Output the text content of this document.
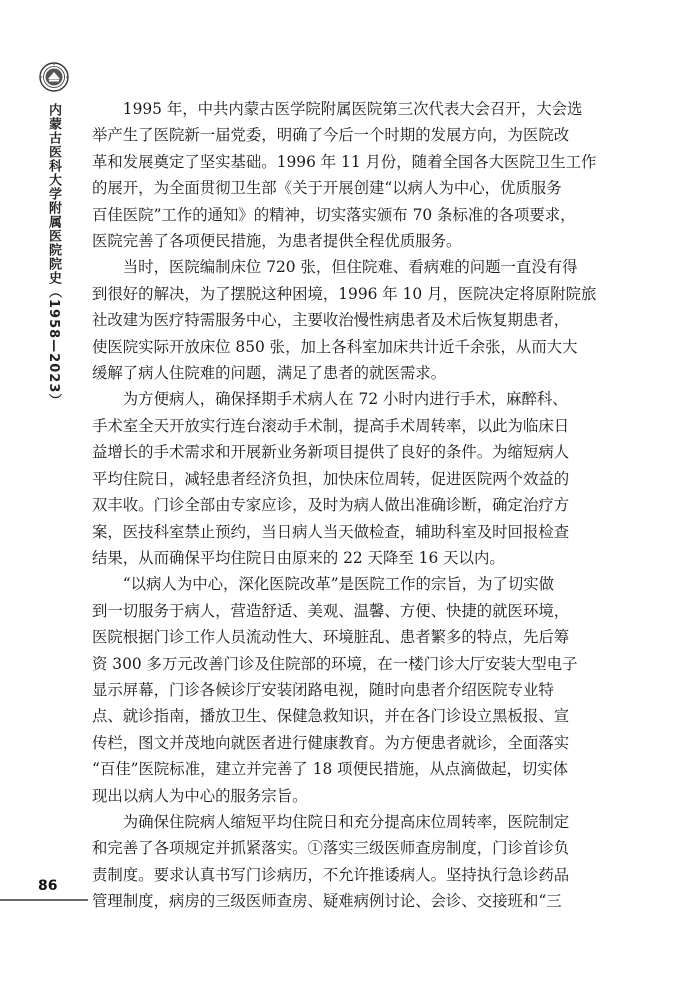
内蒙古医科大学附属医院院史（1958—2023） 　　1995 年，中共内蒙古医学院附属医院第三次代表大会召开，大会选
举产生了医院新一届党委，明确了今后一个时期的发展方向，为医院改
革和发展奠定了坚实基础。1996 年 11 月份，随着全国各大医院卫生工作
的展开，为全面贯彻卫生部《关于开展创建“以病人为中心，优质服务
百佳医院”工作的通知》的精神，切实落实颁布 70 条标准的各项要求，
医院完善了各项便民措施，为患者提供全程优质服务。
　　当时，医院编制床位 720 张，但住院难、看病难的问题一直没有得
到很好的解决，为了摆脱这种困境，1996 年 10 月，医院决定将原附院旅
社改建为医疗特需服务中心，主要收治慢性病患者及术后恢复期患者，
使医院实际开放床位 850 张，加上各科室加床共计近千余张，从而大大
缓解了病人住院难的问题，满足了患者的就医需求。
　　为方便病人，确保择期手术病人在 72 小时内进行手术，麻醉科、
手术室全天开放实行连台滚动手术制，提高手术周转率，以此为临床日
益增长的手术需求和开展新业务新项目提供了良好的条件。为缩短病人
平均住院日，减轻患者经济负担，加快床位周转，促进医院两个效益的
双丰收。门诊全部由专家应诊，及时为病人做出准确诊断，确定治疗方
案，医技科室禁止预约，当日病人当天做检查，辅助科室及时回报检查
结果，从而确保平均住院日由原来的 22 天降至 16 天以内。
　　“以病人为中心，深化医院改革”是医院工作的宗旨，为了切实做
到一切服务于病人，营造舒适、美观、温馨、方便、快捷的就医环境，
医院根据门诊工作人员流动性大、环境脏乱、患者繁多的特点，先后筹
资 300 多万元改善门诊及住院部的环境，在一楼门诊大厅安装大型电子
显示屏幕，门诊各候诊厅安装闭路电视，随时向患者介绍医院专业特
点、就诊指南，播放卫生、保健急救知识，并在各门诊设立黑板报、宣
传栏，图文并茂地向就医者进行健康教育。为方便患者就诊，全面落实
“百佳”医院标准，建立并完善了 18 项便民措施，从点滴做起，切实体
现出以病人为中心的服务宗旨。
　　为确保住院病人缩短平均住院日和充分提高床位周转率，医院制定
和完善了各项规定并抓紧落实。①落实三级医师查房制度，门诊首诊负
责制度。要求认真书写门诊病历，不允许推诿病人。坚持执行急诊药品
管理制度，病房的三级医师查房、疑难病例讨论、会诊、交接班和“三
86
